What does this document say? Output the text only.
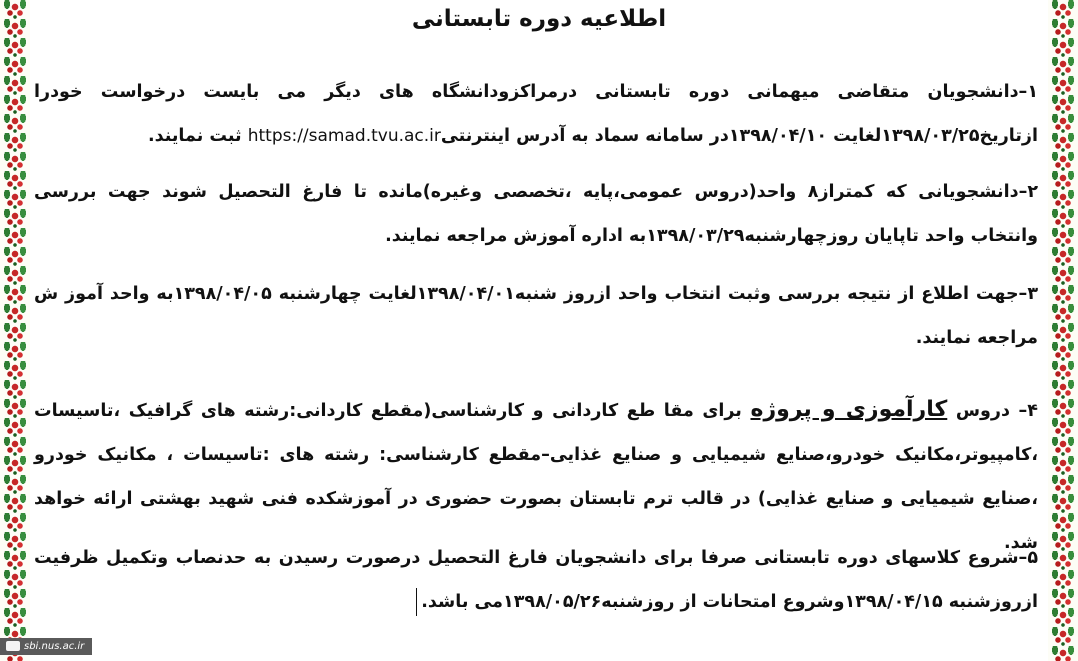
اطلاعیه دوره تابستانی

۱–دانشجویان متقاضی میهمانی دوره تابستانی درمراکزودانشگاه های دیگر می بایست درخواست خودرا ازتاریخ۱۳۹۸/۰۳/۲۵لغایت ۱۳۹۸/۰۴/۱۰در سامانه سماد به آدرس اینترنتیhttps://samad.tvu.ac.ir ثبت نمایند.

۲–دانشجویانی که کمتراز۸ واحد(دروس عمومی،پایه ،تخصصی وغیره)مانده تا فارغ التحصیل شوند جهت بررسی وانتخاب واحد تاپایان روزچهارشنبه۱۳۹۸/۰۳/۲۹به اداره آموزش مراجعه نمایند.

۳–جهت اطلاع از نتیجه بررسی وثبت انتخاب واحد ازروز شنبه۱۳۹۸/۰۴/۰۱لغایت چهارشنبه ۱۳۹۸/۰۴/۰۵به واحد آموز ش مراجعه نمایند.

۴– دروس کارآموزی و پروژه برای مقا طع کاردانی و کارشناسی(مقطع کاردانی:رشته های گرافیک ،تاسیسات ،کامپیوتر،مکانیک خودرو،صنایع شیمیایی و صنایع غذایی–مقطع کارشناسی: رشته های :تاسیسات ، مکانیک خودرو ،صنایع شیمیایی و صنایع غذایی) در قالب ترم تابستان بصورت حضوری در آموزشکده فنی شهید بهشتی ارائه خواهد شد.

۵–شروع کلاسهای دوره تابستانی صرفا برای دانشجویان فارغ التحصیل درصورت رسیدن به حدنصاب وتکمیل ظرفیت ازروزشنبه ۱۳۹۸/۰۴/۱۵وشروع امتحانات از روزشنبه۱۳۹۸/۰۵/۲۶می باشد.

sbi.nus.ac.ir
